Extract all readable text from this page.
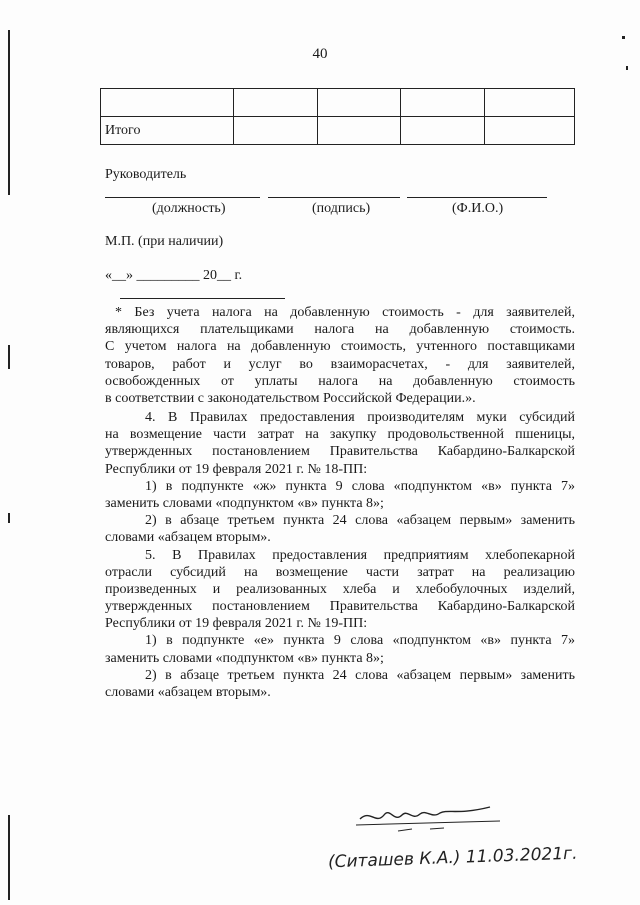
40

Итого				
Руководитель
(должность)	(подпись)	(Ф.И.О.)
М.П. (при наличии)
«__» _________ 20__ г.
* Без учета налога на добавленную стоимость - для заявителей,
являющихся плательщиками налога на добавленную стоимость.
С учетом налога на добавленную стоимость, учтенного поставщиками
товаров, работ и услуг во взаиморасчетах, - для заявителей,
освобожденных от уплаты налога на добавленную стоимость
в соответствии с законодательством Российской Федерации.».
4. В Правилах предоставления производителям муки субсидий
на возмещение части затрат на закупку продовольственной пшеницы,
утвержденных постановлением Правительства Кабардино-Балкарской
Республики от 19 февраля 2021 г. № 18-ПП:
1) в подпункте «ж» пункта 9 слова «подпунктом «в» пункта 7»
заменить словами «подпунктом «в» пункта 8»;
2) в абзаце третьем пункта 24 слова «абзацем первым» заменить
словами «абзацем вторым».
5. В Правилах предоставления предприятиям хлебопекарной
отрасли субсидий на возмещение части затрат на реализацию
произведенных и реализованных хлеба и хлебобулочных изделий,
утвержденных постановлением Правительства Кабардино-Балкарской
Республики от 19 февраля 2021 г. № 19-ПП:
1) в подпункте «е» пункта 9 слова «подпунктом «в» пункта 7»
заменить словами «подпунктом «в» пункта 8»;
2) в абзаце третьем пункта 24 слова «абзацем первым» заменить
словами «абзацем вторым».
(Ситашев К.А.) 11.03.2021г.
